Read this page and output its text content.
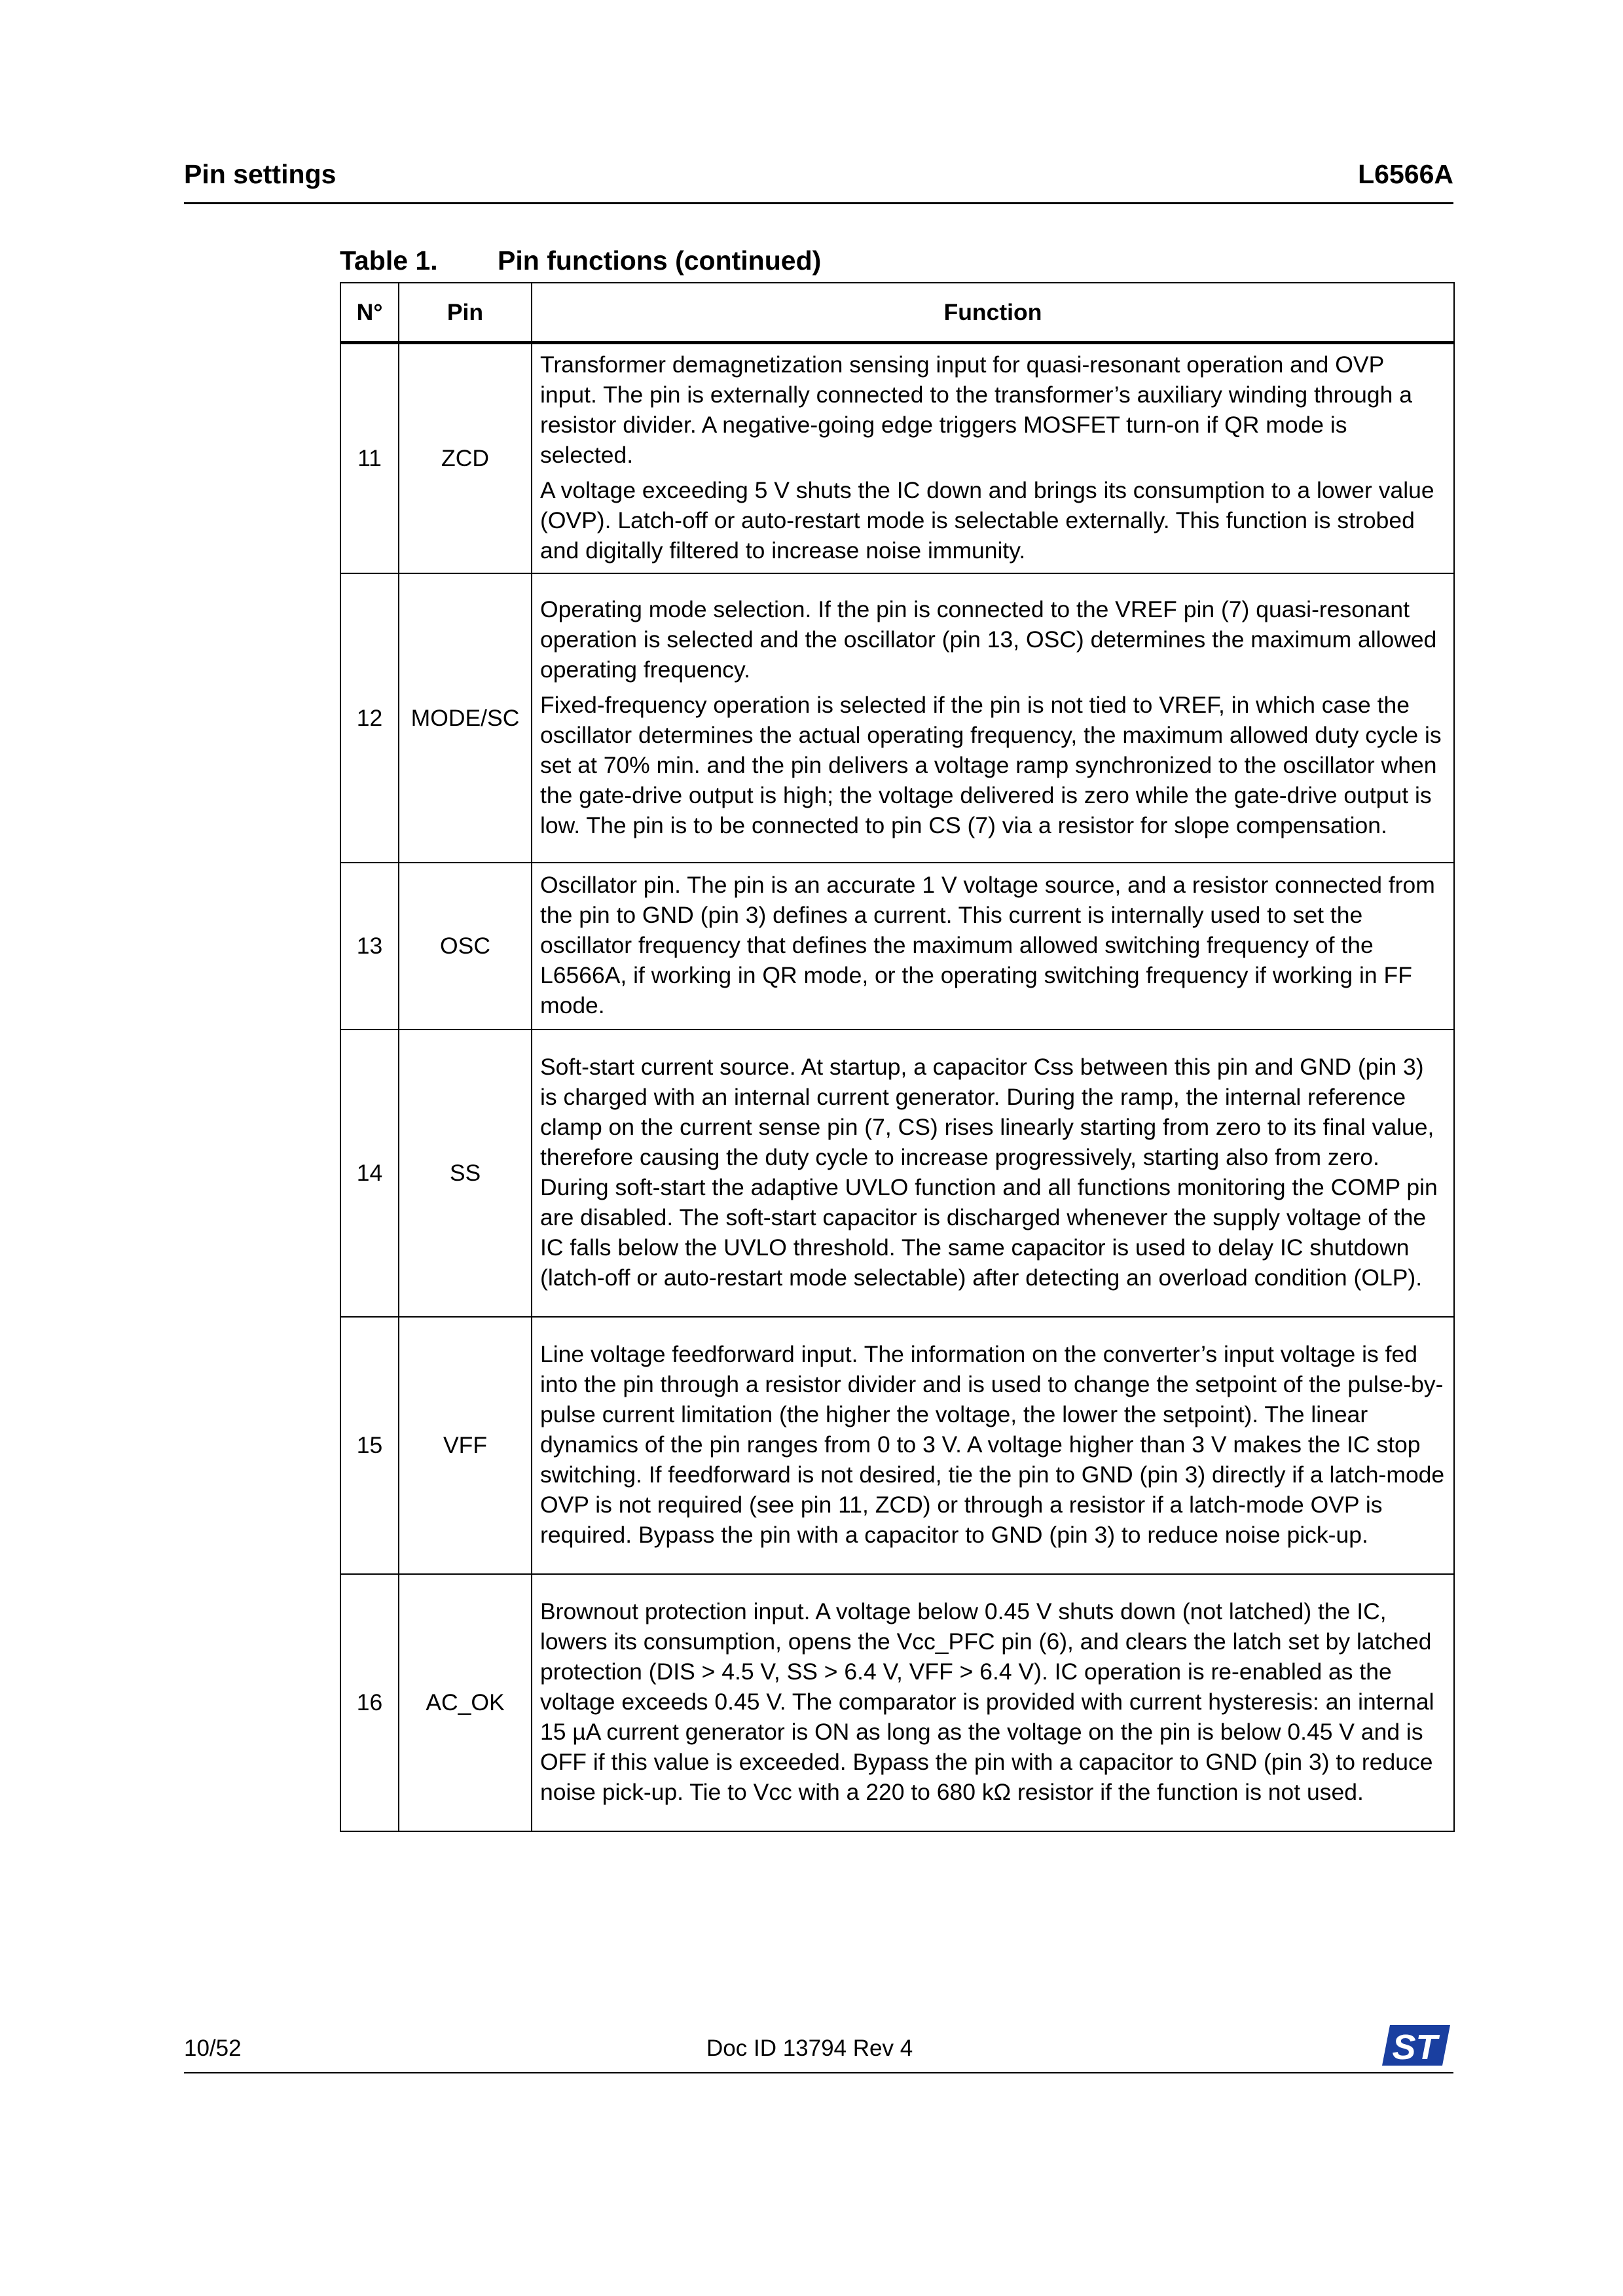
Pin settings	L6566A
Table 1. Pin functions (continued)
N°	Pin	Function
11	ZCD	Transformer demagnetization sensing input for quasi-resonant operation and OVP input. The pin is externally connected to the transformer’s auxiliary winding through a resistor divider. A negative-going edge triggers MOSFET turn-on if QR mode is selected.

A voltage exceeding 5 V shuts the IC down and brings its consumption to a lower value (OVP). Latch-off or auto-restart mode is selectable externally. This function is strobed and digitally filtered to increase noise immunity.

12	MODE/SC	Operating mode selection. If the pin is connected to the VREF pin (7) quasi-resonant operation is selected and the oscillator (pin 13, OSC) determines the maximum allowed operating frequency.

Fixed-frequency operation is selected if the pin is not tied to VREF, in which case the oscillator determines the actual operating frequency, the maximum allowed duty cycle is set at 70% min. and the pin delivers a voltage ramp synchronized to the oscillator when the gate-drive output is high; the voltage delivered is zero while the gate-drive output is low. The pin is to be connected to pin CS (7) via a resistor for slope compensation.

13	OSC	Oscillator pin. The pin is an accurate 1 V voltage source, and a resistor connected from the pin to GND (pin 3) defines a current. This current is internally used to set the oscillator frequency that defines the maximum allowed switching frequency of the L6566A, if working in QR mode, or the operating switching frequency if working in FF mode.

14	SS	Soft-start current source. At startup, a capacitor Css between this pin and GND (pin 3) is charged with an internal current generator. During the ramp, the internal reference clamp on the current sense pin (7, CS) rises linearly starting from zero to its final value, therefore causing the duty cycle to increase progressively, starting also from zero. During soft-start the adaptive UVLO function and all functions monitoring the COMP pin are disabled. The soft-start capacitor is discharged whenever the supply voltage of the IC falls below the UVLO threshold. The same capacitor is used to delay IC shutdown (latch-off or auto-restart mode selectable) after detecting an overload condition (OLP).

15	VFF	Line voltage feedforward input. The information on the converter’s input voltage is fed into the pin through a resistor divider and is used to change the setpoint of the pulse-by-pulse current limitation (the higher the voltage, the lower the setpoint). The linear dynamics of the pin ranges from 0 to 3 V. A voltage higher than 3 V makes the IC stop switching. If feedforward is not desired, tie the pin to GND (pin 3) directly if a latch-mode OVP is not required (see pin 11, ZCD) or through a resistor if a latch-mode OVP is required. Bypass the pin with a capacitor to GND (pin 3) to reduce noise pick-up.

16	AC_OK	Brownout protection input. A voltage below 0.45 V shuts down (not latched) the IC, lowers its consumption, opens the Vcc_PFC pin (6), and clears the latch set by latched protection (DIS > 4.5 V, SS > 6.4 V, VFF > 6.4 V). IC operation is re-enabled as the voltage exceeds 0.45 V. The comparator is provided with current hysteresis: an internal 15 µA current generator is ON as long as the voltage on the pin is below 0.45 V and is OFF if this value is exceeded. Bypass the pin with a capacitor to GND (pin 3) to reduce noise pick-up. Tie to Vcc with a 220 to 680 kΩ resistor if the function is not used.

10/52	Doc ID 13794 Rev 4	ST
